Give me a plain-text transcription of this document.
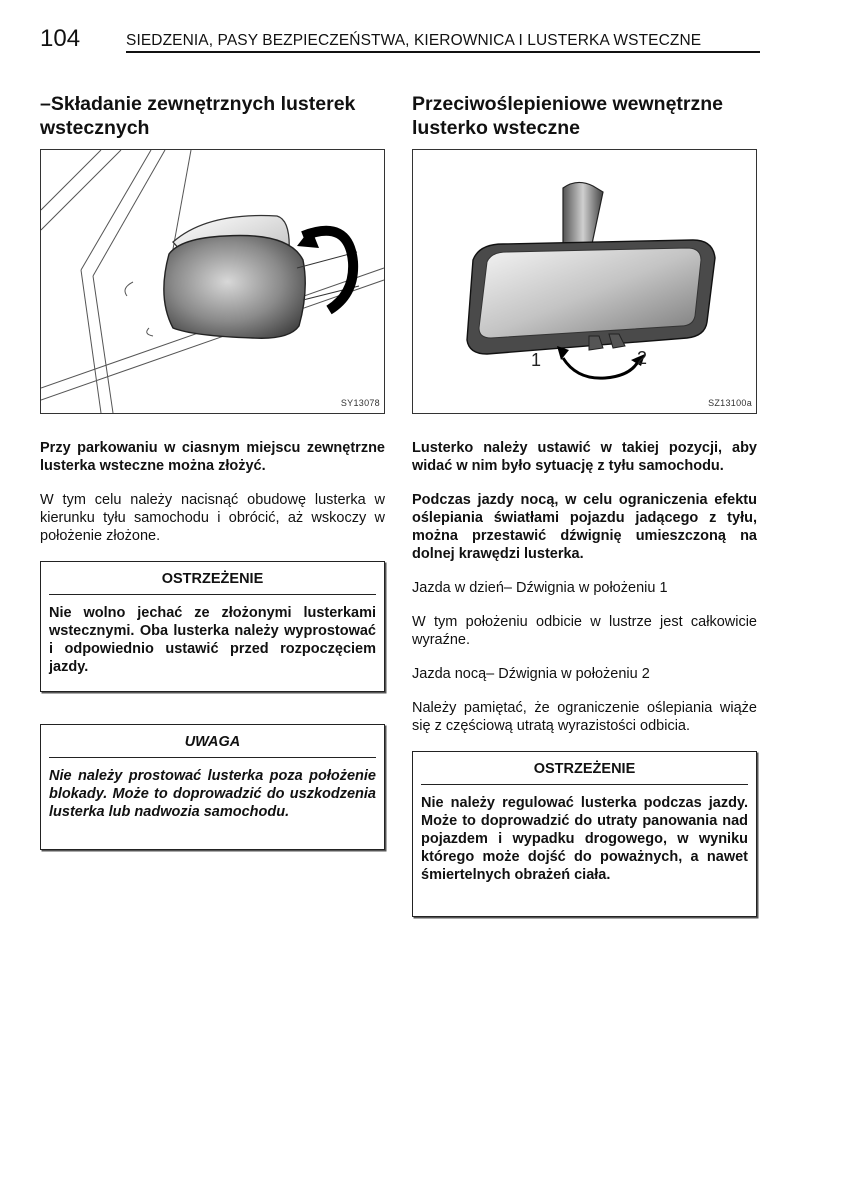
104	SIEDZENIA, PASY BEZPIECZEŃSTWA, KIEROWNICA I LUSTERKA WSTECZNE
–Składanie zewnętrznych lusterek
wstecznych
SY13078

Przy parkowaniu w ciasnym miejscu zewnętrzne lusterka wsteczne można złożyć.

W tym celu należy nacisnąć obudowę lusterka w kierunku tyłu samochodu i obrócić, aż wskoczy w położenie złożone.

OSTRZEŻENIE

Nie wolno jechać ze złożonymi lusterkami wstecznymi. Oba lusterka należy wyprostować i odpowiednio ustawić przed rozpoczęciem jazdy.

UWAGA

Nie należy prostować lusterka poza położenie blokady. Może to doprowadzić do uszkodzenia lusterka lub nadwozia samochodu.

Przeciwoślepieniowe wewnętrzne
lusterko wsteczne
1	2
SZ13100a

Lusterko należy ustawić w takiej pozycji, aby widać w nim było sytuację z tyłu samochodu.

Podczas jazdy nocą, w celu ograniczenia efektu oślepiania światłami pojazdu jadącego z tyłu, można przestawić dźwignię umieszczoną na dolnej krawędzi lusterka.

Jazda w dzień– Dźwignia w położeniu 1

W tym położeniu odbicie w lustrze jest całkowicie wyraźne.

Jazda nocą– Dźwignia w położeniu 2

Należy pamiętać, że ograniczenie oślepiania wiąże się z częściową utratą wyrazistości odbicia.

OSTRZEŻENIE

Nie należy regulować lusterka podczas jazdy. Może to doprowadzić do utraty panowania nad pojazdem i wypadku drogowego, w wyniku którego może dojść do poważnych, a nawet śmiertelnych obrażeń ciała.
